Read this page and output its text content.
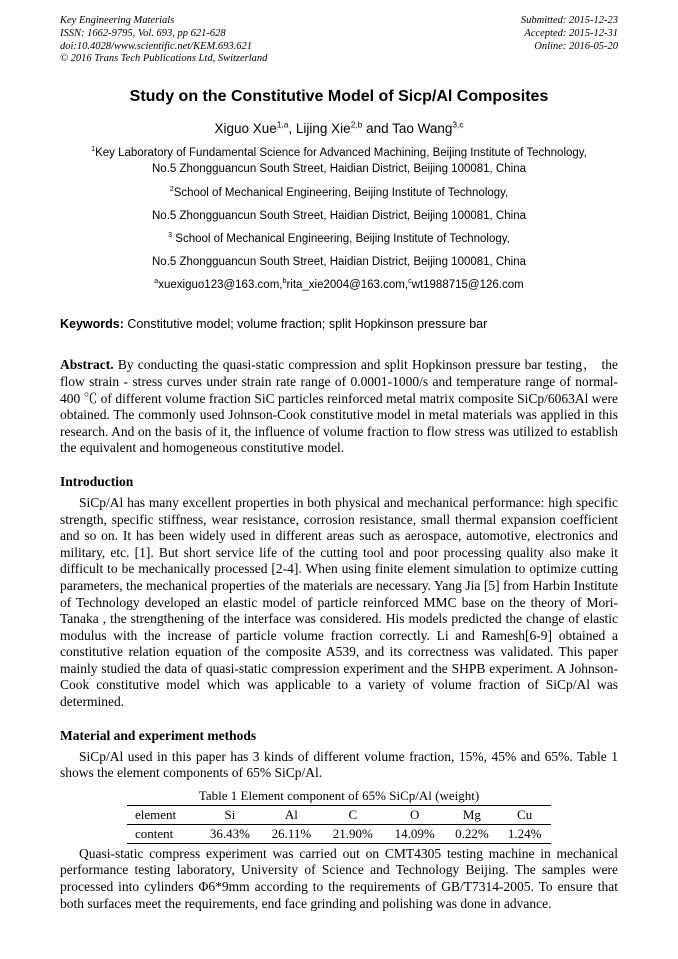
Key Engineering Materials
ISSN: 1662-9795, Vol. 693, pp 621-628
doi:10.4028/www.scientific.net/KEM.693.621
© 2016 Trans Tech Publications Ltd, Switzerland
Submitted: 2015-12-23
Accepted: 2015-12-31
Online: 2016-05-20
Study on the Constitutive Model of Sicp/Al Composites
Xiguo Xue$^{1,a}$, Lijing Xie$^{2,b}$ and Tao Wang$^{3,c}$
$^1$Key Laboratory of Fundamental Science for Advanced Machining, Beijing Institute of Technology,
No.5 Zhongguancun South Street, Haidian District, Beijing 100081, China
$^2$School of Mechanical Engineering, Beijing Institute of Technology,
No.5 Zhongguancun South Street, Haidian District, Beijing 100081, China
$^3$ School of Mechanical Engineering, Beijing Institute of Technology,
No.5 Zhongguancun South Street, Haidian District, Beijing 100081, China
$^a$xuexiguo123@163.com,$^b$rita_xie2004@163.com,$^c$wt1988715@126.com

Keywords: Constitutive model; volume fraction; split Hopkinson pressure bar

Abstract. By conducting the quasi-static compression and split Hopkinson pressure bar testing， the flow strain - stress curves under strain rate range of 0.0001-1000/s and temperature range of normal-400 ℃ of different volume fraction SiC particles reinforced metal matrix composite SiCp/6063Al were obtained. The commonly used Johnson-Cook constitutive model in metal materials was applied in this research. And on the basis of it, the influence of volume fraction to flow stress was utilized to establish the equivalent and homogeneous constitutive model.

Introduction

SiCp/Al has many excellent properties in both physical and mechanical performance: high specific strength, specific stiffness, wear resistance, corrosion resistance, small thermal expansion coefficient and so on. It has been widely used in different areas such as aerospace, automotive, electronics and military, etc. [1]. But short service life of the cutting tool and poor processing quality also make it difficult to be mechanically processed [2-4]. When using finite element simulation to optimize cutting parameters, the mechanical properties of the materials are necessary. Yang Jia [5] from Harbin Institute of Technology developed an elastic model of particle reinforced MMC base on the theory of Mori-Tanaka , the strengthening of the interface was considered. His models predicted the change of elastic modulus with the increase of particle volume fraction correctly. Li and Ramesh[6-9] obtained a constitutive relation equation of the composite A539, and its correctness was validated. This paper mainly studied the data of quasi-static compression experiment and the SHPB experiment. A Johnson-Cook constitutive model which was applicable to a variety of volume fraction of SiCp/Al was determined.

Material and experiment methods

SiCp/Al used in this paper has 3 kinds of different volume fraction, 15%, 45% and 65%. Table 1 shows the element components of 65% SiCp/Al.

Table 1 Element component of 65% SiCp/Al (weight)
element	Si	Al	C	O	Mg	Cu
content	36.43%	26.11%	21.90%	14.09%	0.22%	1.24%

Quasi-static compress experiment was carried out on CMT4305 testing machine in mechanical performance testing laboratory, University of Science and Technology Beijing. The samples were processed into cylinders Φ6*9mm according to the requirements of GB/T7314-2005. To ensure that both surfaces meet the requirements, end face grinding and polishing was done in advance.
